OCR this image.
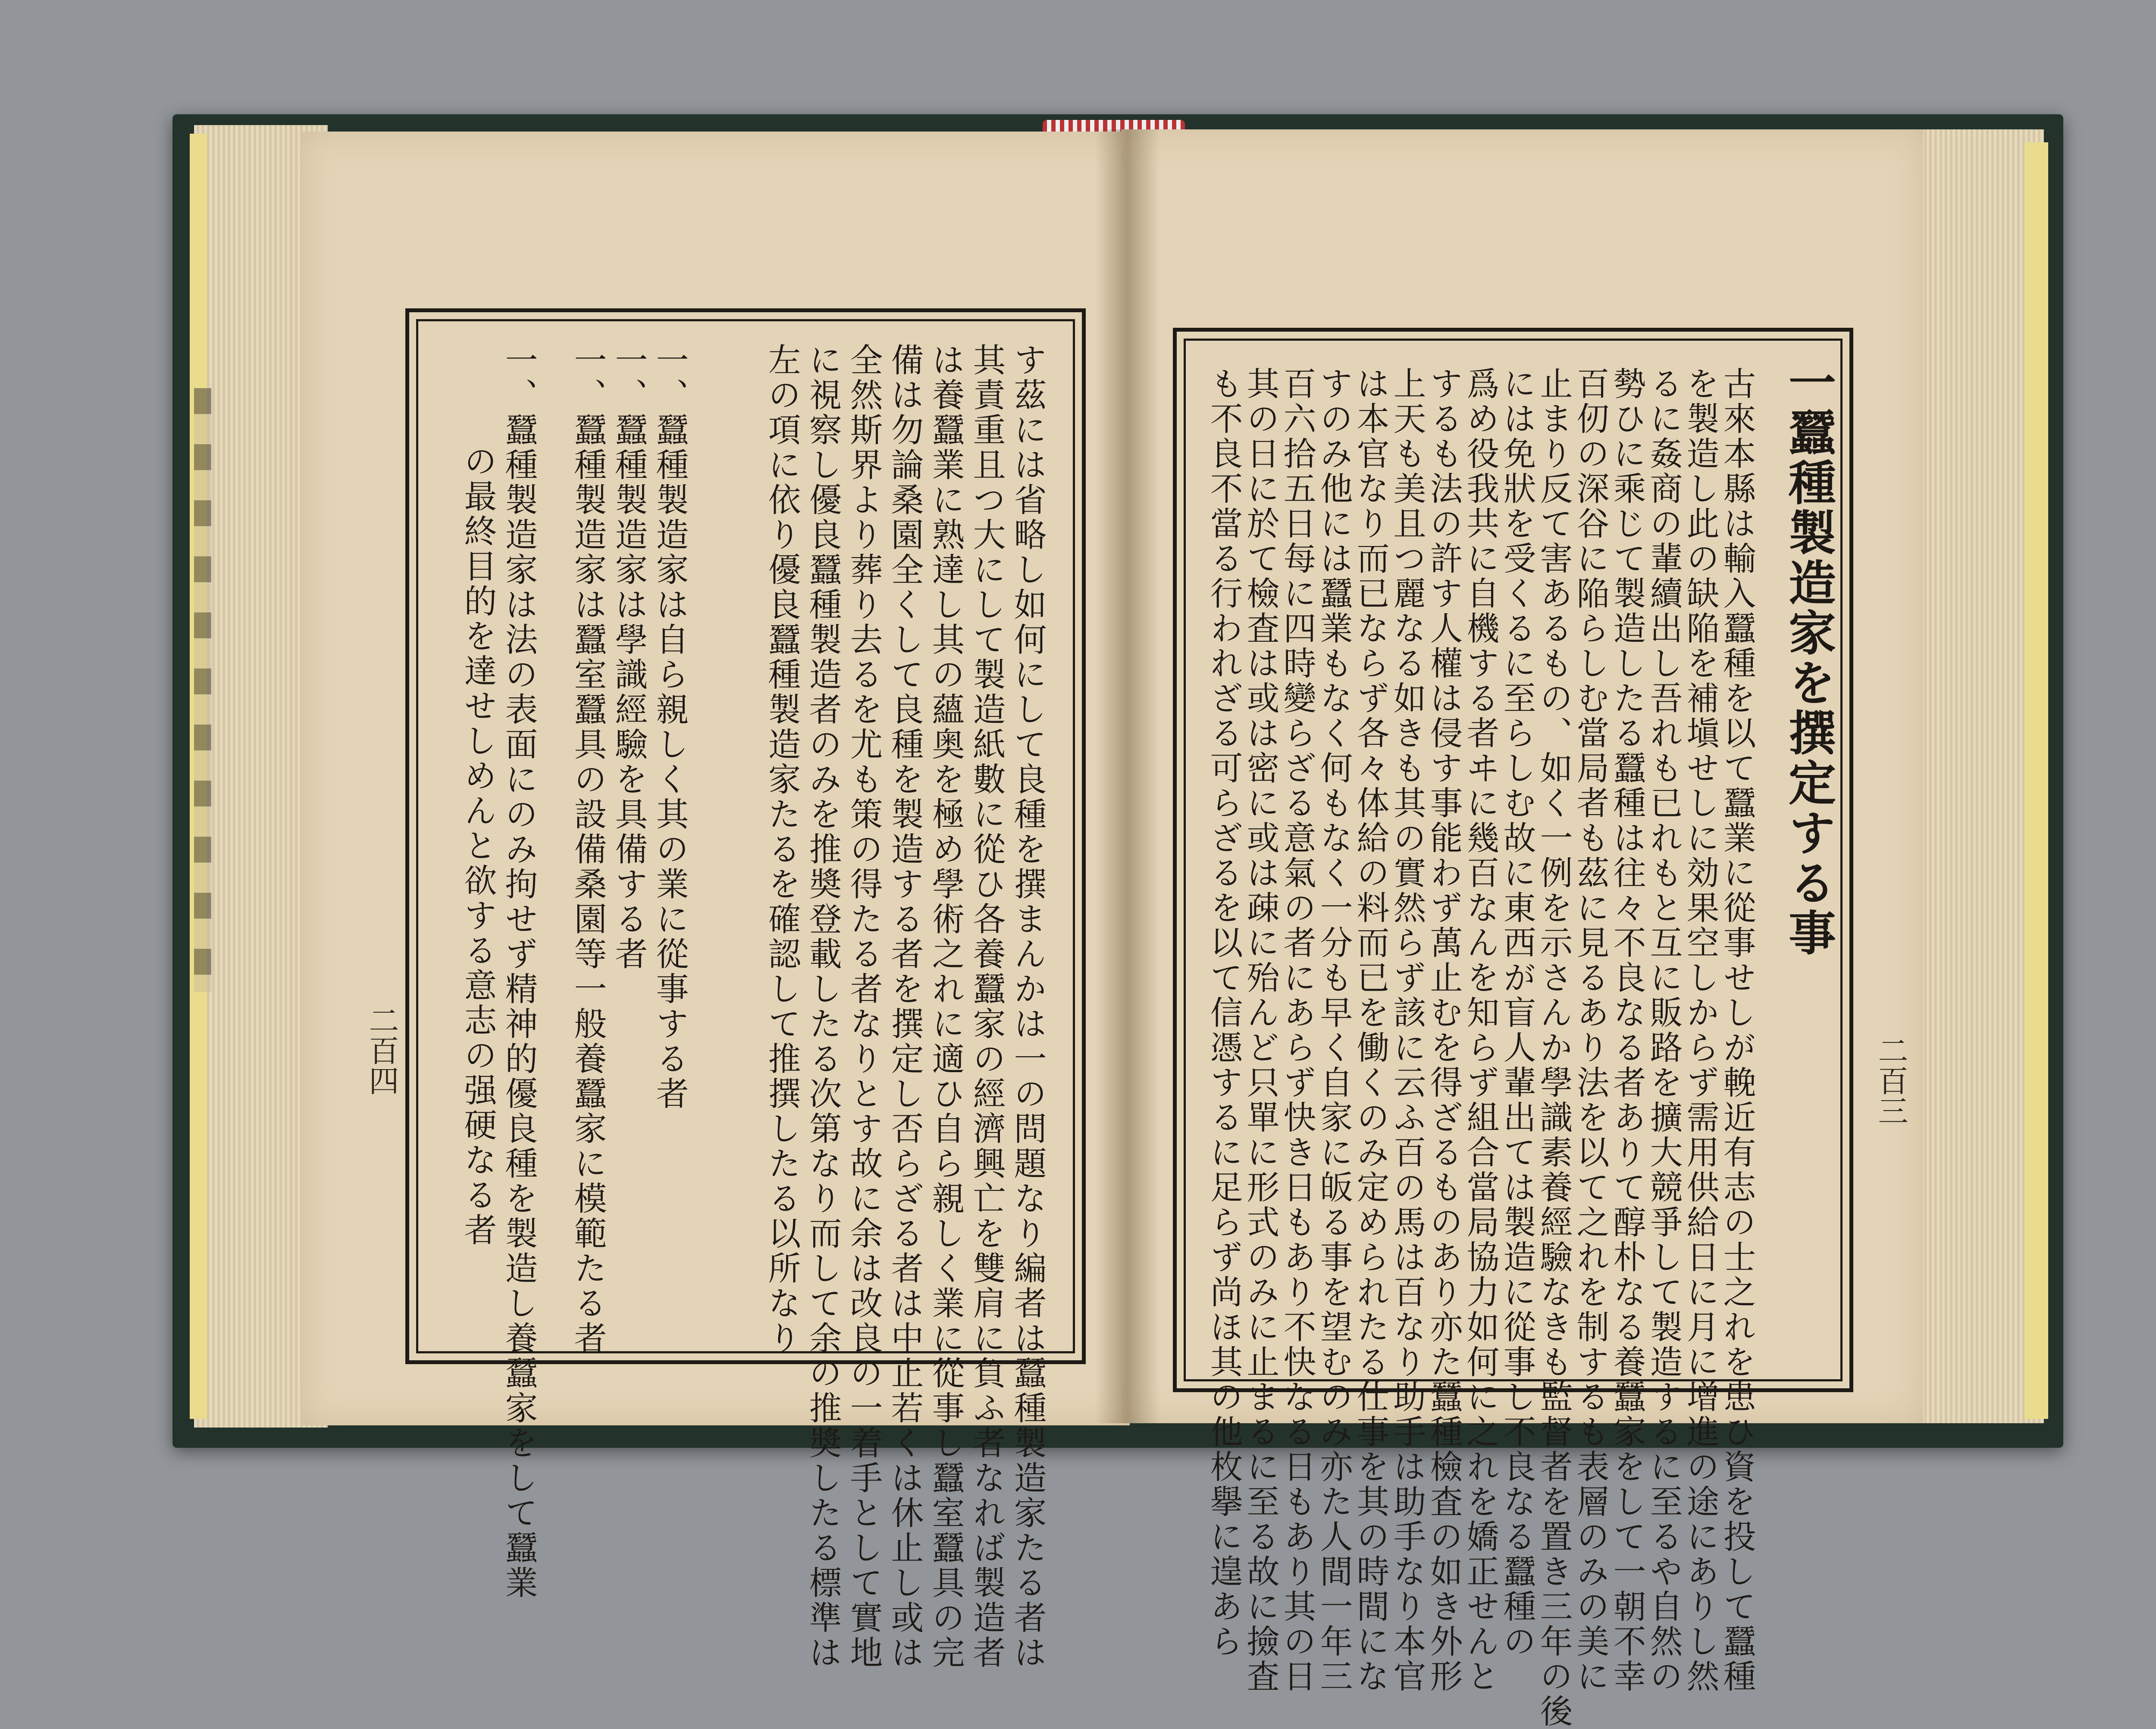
一蠶種製造家を撰定する事
古來本縣は輸入蠶種を以て蠶業に從事せしが輓近有志の士之れを患ひ資を投して蠶種
を製造し此の缺陥を補塡せしに効果空しからず需用供給日に月に增進の途にありし然
るに姦商の輩續出し吾れも已れもと互に販路を擴大競爭して製造するに至るや自然の
勢ひに乘じて製造したる蠶種は往々不良なる者ありて醇朴なる養蠶家をして一朝不幸
百仞の深谷に陥らしむ當局者も茲に見るあり法を以て之れを制するも表層のみの美に
止まり反て害あるもの、如く一例を示さんか學識素養經驗なきも監督者を置き三年の後
には免狀を受くるに至らしむ故に東西が盲人輩出ては製造に從事し不良なる蠶種の
爲め役我共に自機する者ヰに幾百なんを知らず組合當局協力如何に之れを嬌正せんと
するも法の許す人權は侵す事能わず萬止むを得ざるものあり亦た蠶種檢査の如き外形
上天も美且つ麗なる如きも其の實然らず該に云ふ百の馬は百なり助手は助手なり本官
は本官なり而已ならず各々体給の料而已を働くのみ定められたる仕事を其の時間にな
すのみ他には蠶業もなく何もなく一分も早く自家に皈る事を望むのみ亦た人間一年三
百六拾五日每に四時變らざる意氣の者にあらず快き日もあり不快なる日もあり其の日
其の日に於て檢査は或は密に或は疎に殆んど只單に形式のみに止まるに至る故に撿査
も不良不當る行われざる可らざるを以て信憑するに足らず尚ほ其の他枚擧に遑あら	二百三
す茲には省略し如何にして良種を撰まんかは一の問題なり編者は蠶種製造家たる者は
其責重且つ大にして製造紙數に從ひ各養蠶家の經濟興亡を雙肩に負ふ者なれば製造者
は養蠶業に熟達し其の蘊奥を極め學術之れに適ひ自ら親しく業に從事し蠶室蠶具の完
備は勿論桑園全くして良種を製造する者を撰定し否らざる者は中止若くは休止し或は
全然斯界より葬り去るを尤も策の得たる者なりとす故に余は改良の一着手として實地
に視察し優良蠶種製造者のみを推奬登載したる次第なり而して余の推奬したる標準は
左の項に依り優良蠶種製造家たるを確認して推撰したる以所なり
一、蠶種製造家は自ら親しく其の業に從事する者
一、蠶種製造家は學識經驗を具備する者
一、蠶種製造家は蠶室蠶具の設備桑園等一般養蠶家に模範たる者
一、蠶種製造家は法の表面にのみ拘せず精神的優良種を製造し養蠶家をして蠶業
の最終目的を達せしめんと欲する意志の强硬なる者
二百四
